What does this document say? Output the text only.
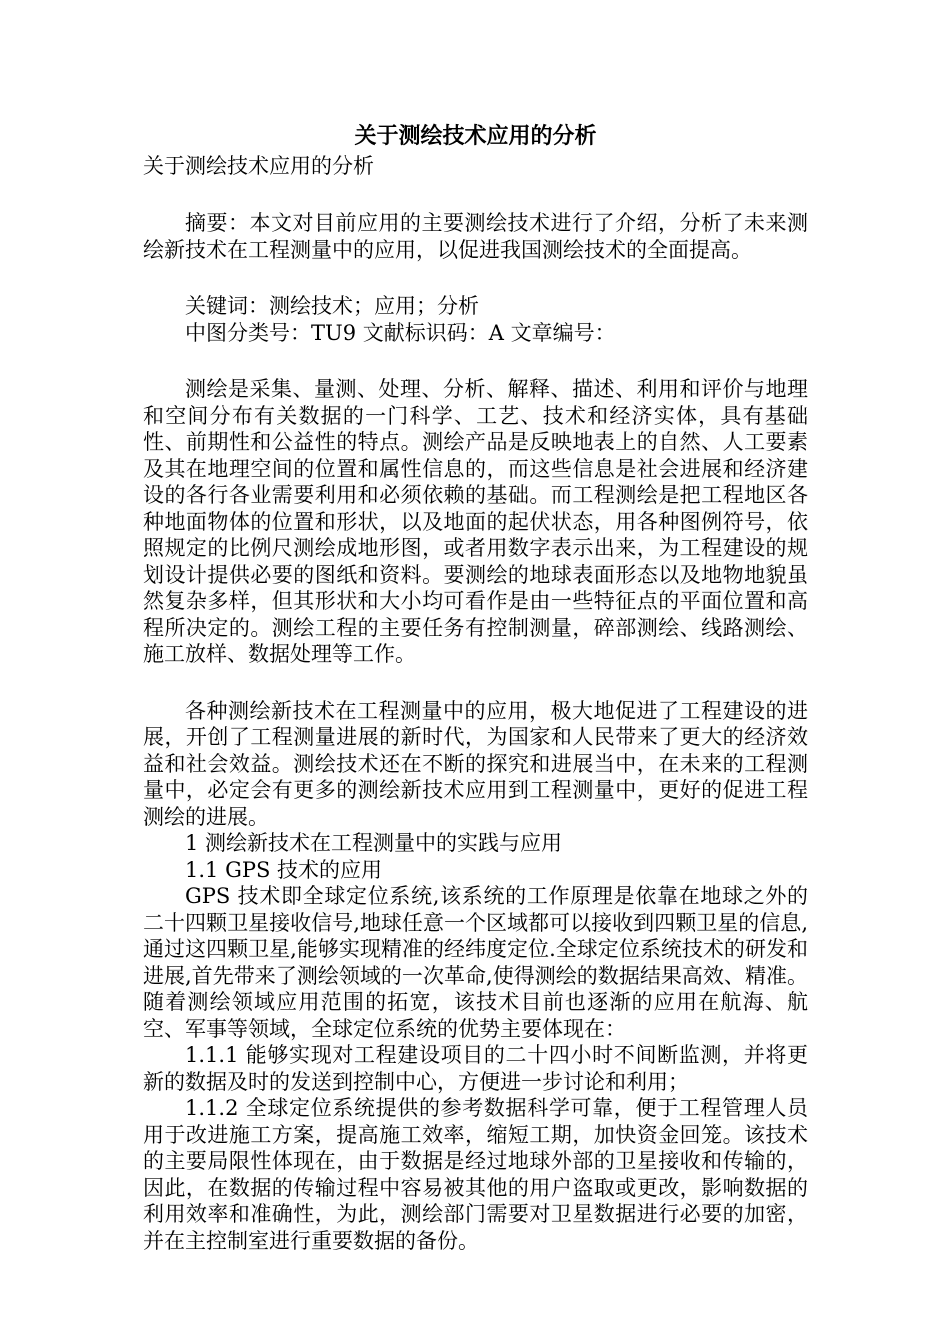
关于测绘技术应用的分析
关于测绘技术应用的分析

摘要：本文对目前应用的主要测绘技术进行了介绍，分析了未来测绘新技术在工程测量中的应用，以促进我国测绘技术的全面提高。

关键词：测绘技术；应用；分析
中图分类号：TU9 文献标识码：A 文章编号：

测绘是采集、量测、处理、分析、解释、描述、利用和评价与地理和空间分布有关数据的一门科学、工艺、技术和经济实体，具有基础性、前期性和公益性的特点。测绘产品是反映地表上的自然、人工要素及其在地理空间的位置和属性信息的，而这些信息是社会进展和经济建设的各行各业需要利用和必须依赖的基础。而工程测绘是把工程地区各种地面物体的位置和形状，以及地面的起伏状态，用各种图例符号，依照规定的比例尺测绘成地形图，或者用数字表示出来，为工程建设的规划设计提供必要的图纸和资料。要测绘的地球表面形态以及地物地貌虽然复杂多样，但其形状和大小均可看作是由一些特征点的平面位置和高程所决定的。测绘工程的主要任务有控制测量，碎部测绘、线路测绘、施工放样、数据处理等工作。

各种测绘新技术在工程测量中的应用，极大地促进了工程建设的进展，开创了工程测量进展的新时代，为国家和人民带来了更大的经济效益和社会效益。测绘技术还在不断的探究和进展当中，在未来的工程测量中，必定会有更多的测绘新技术应用到工程测量中，更好的促进工程测绘的进展。

1 测绘新技术在工程测量中的实践与应用
1.1 GPS 技术的应用

GPS 技术即全球定位系统,该系统的工作原理是依靠在地球之外的二十四颗卫星接收信号,地球任意一个区域都可以接收到四颗卫星的信息,通过这四颗卫星,能够实现精准的经纬度定位.全球定位系统技术的研发和进展,首先带来了测绘领域的一次革命,使得测绘的数据结果高效、精准。随着测绘领域应用范围的拓宽，该技术目前也逐渐的应用在航海、航空、军事等领域，全球定位系统的优势主要体现在：

1.1.1 能够实现对工程建设项目的二十四小时不间断监测，并将更新的数据及时的发送到控制中心，方便进一步讨论和利用；

1.1.2 全球定位系统提供的参考数据科学可靠，便于工程管理人员用于改进施工方案，提高施工效率，缩短工期，加快资金回笼。该技术的主要局限性体现在，由于数据是经过地球外部的卫星接收和传输的，因此，在数据的传输过程中容易被其他的用户盗取或更改，影响数据的利用效率和准确性，为此，测绘部门需要对卫星数据进行必要的加密，并在主控制室进行重要数据的备份。
